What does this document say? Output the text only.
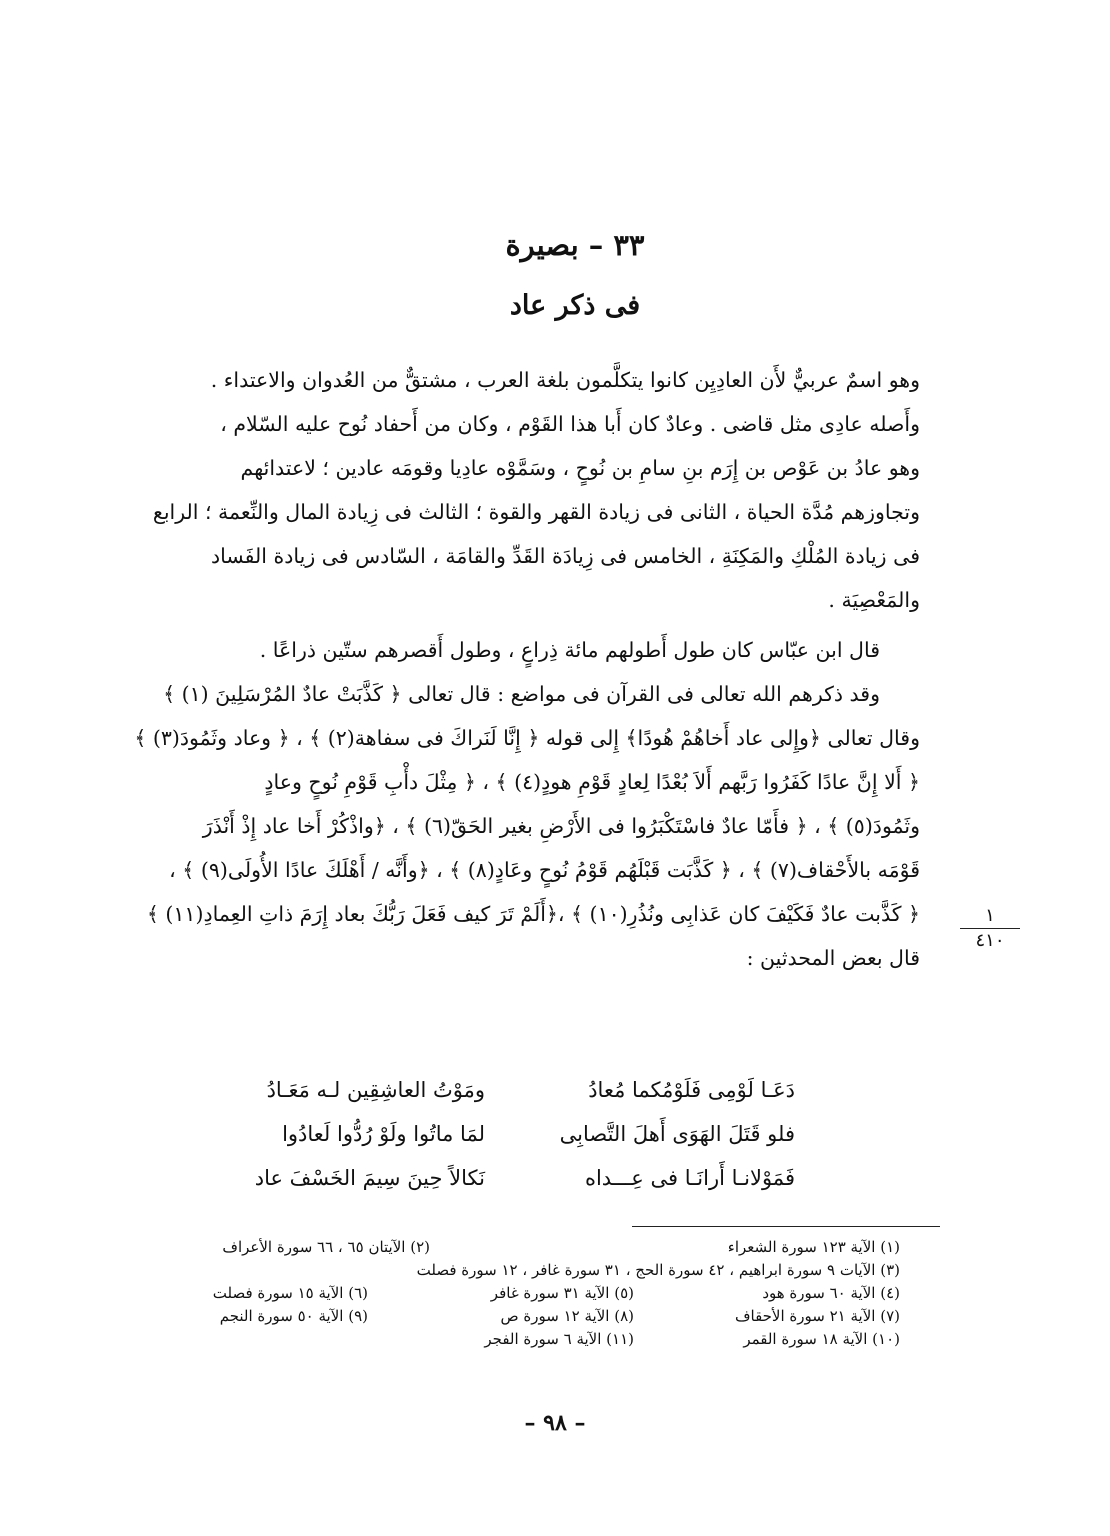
٣٣ – بصيرة
فى ذكر عاد
وهو اسمٌ عربيٌّ لأَن العادِيِن كانوا يتكلَّمون بلغة العرب ، مشتقٌّ من العُدوان والاعتداء .
وأَصله عادِى مثل قاضى . وعادٌ كان أَبا هذا القَوْم ، وكان من أَحفاد نُوح عليه السّلام ،
وهو عادُ بن عَوْص بن إِرَم بنِ سامِ بن نُوحٍ ، وسَمَّوْه عادِيا وقومَه عادين ؛ لاعتدائهم
وتجاوزهم مُدَّة الحياة ، الثانى فى زيادة القهر والقوة ؛ الثالث فى زِيادة المال والنِّعمة ؛ الرابع
فى زيادة المُلْكِ والمَكِنَةِ ، الخامس فى زِيادَة القَدِّ والقامَة ، السّادس فى زيادة الفَساد
والمَعْصِيَة .
قال ابن عبّاس كان طول أَطولهم مائة ذِراعٍ ، وطول أَقصرهم ستّين ذراعًا .
وقد ذكرهم الله تعالى فى القرآن فى مواضع : قال تعالى ﴿ كَذَّبَتْ عادٌ المُرْسَلِينَ (١) ﴾
وقال تعالى ﴿وإِلى عاد أَخاهُمْ هُودًا﴾ إِلى قوله ﴿ إِنَّا لَنَراكَ فى سفاهة(٢) ﴾ ، ﴿ وعاد وثَمُودَ(٣) ﴾
﴿ أَلا إِنَّ عادًا كَفَرُوا رَبَّهم أَلاَ بُعْدًا لِعادٍ قَوْمِ هودٍ(٤) ﴾ ، ﴿ مِثْلَ دأْبِ قَوْمِ نُوحٍ وعادٍ
وثَمُودَ(٥) ﴾ ، ﴿ فأَمّا عادٌ فاسْتَكْبَرُوا فى الأَرْضِ بغير الحَقّ(٦) ﴾ ، ﴿واذْكُرْ أَخا عاد إِذْ أَنْذَرَ
قَوْمَه بالأَحْقاف(٧) ﴾ ، ﴿ كَذَّبَت قَبْلَهُم قَوْمُ نُوحٍ وعَادٍ(٨) ﴾ ، ﴿وأَنَّه / أَهْلَكَ عادًا الأُولَى(٩) ﴾ ،
﴿ كَذَّبت عادٌ فَكَيْفَ كان عَذابِى ونُذُرِ(١٠) ﴾ ،﴿أَلَمْ تَرَ كيف فَعَلَ رَبُّكَ بعاد إِرَمَ ذاتِ العِمادِ(١١) ﴾
قال بعض المحدثين :
دَعَـا لَوْمِى فَلَوْمُكما مُعادُ
ومَوْتُ العاشِقِين لـه مَعَـادُ
فلو قَتَلَ الهَوَى أَهلَ التَّصابِى
لمَا ماتُوا ولَوْ رُدُّوا لَعادُوا
فَمَوْلانـا أَرانَـا فى عِـــداه
نَكالاً حِينَ سِيمَ الخَسْفَ عاد
١
٤١٠
(١) الآية ١٢٣ سورة الشعراء
(٢) الآيتان ٦٥ ، ٦٦ سورة الأعراف
(٣) الآيات ٩ سورة ابراهيم ، ٤٢ سورة الحج ، ٣١ سورة غافر ، ١٢ سورة فصلت
(٤) الآية ٦٠ سورة هود
(٥) الآية ٣١ سورة غافر
(٦) الآية ١٥ سورة فصلت
(٧) الآية ٢١ سورة الأحقاف
(٨) الآية ١٢ سورة ص
(٩) الآية ٥٠ سورة النجم
(١٠) الآية ١٨ سورة القمر
(١١) الآية ٦ سورة الفجر
– ٩٨ –
